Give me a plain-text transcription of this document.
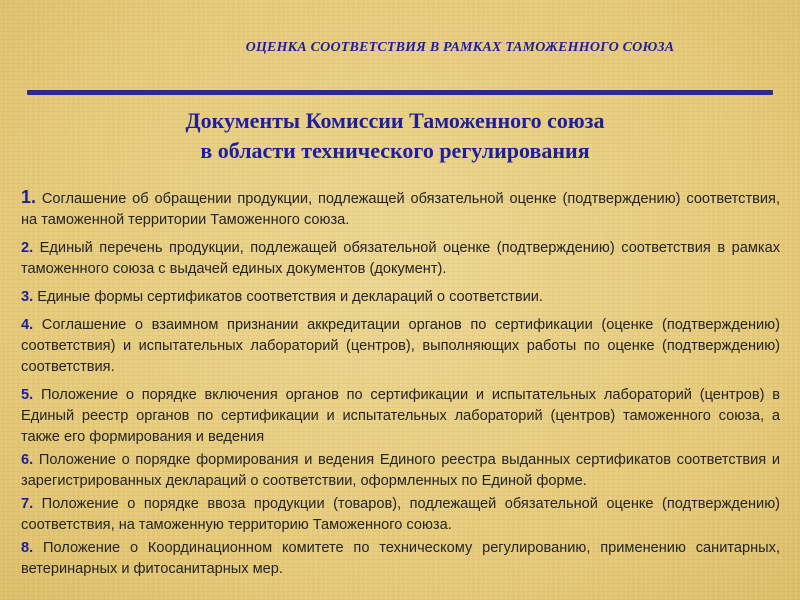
ОЦЕНКА СООТВЕТСТВИЯ В РАМКАХ ТАМОЖЕННОГО СОЮЗА
Документы Комиссии Таможенного союза
в области технического регулирования

1. Соглашение об обращении продукции, подлежащей обязательной оценке (подтверждению) соответствия, на таможенной территории Таможенного союза.

2. Единый перечень продукции, подлежащей обязательной оценке (подтверждению) соответствия в рамках таможенного союза с выдачей единых документов (документ).

3. Единые формы сертификатов соответствия и деклараций о соответствии.

4. Соглашение о взаимном признании аккредитации органов по сертификации (оценке (подтверждению) соответствия) и испытательных лабораторий (центров), выполняющих работы по оценке (подтверждению) соответствия.

5. Положение о порядке включения органов по сертификации и испытательных лабораторий (центров) в Единый реестр органов по сертификации и испытательных лабораторий (центров) таможенного союза, а также его формирования и ведения

6. Положение о порядке формирования и ведения Единого реестра выданных сертификатов соответствия и зарегистрированных деклараций о соответствии, оформленных по Единой форме.

7. Положение о порядке ввоза продукции (товаров), подлежащей обязательной оценке (подтверждению) соответствия, на таможенную территорию Таможенного союза.

8. Положение о Координационном комитете по техническому регулированию, применению санитарных, ветеринарных и фитосанитарных мер.
